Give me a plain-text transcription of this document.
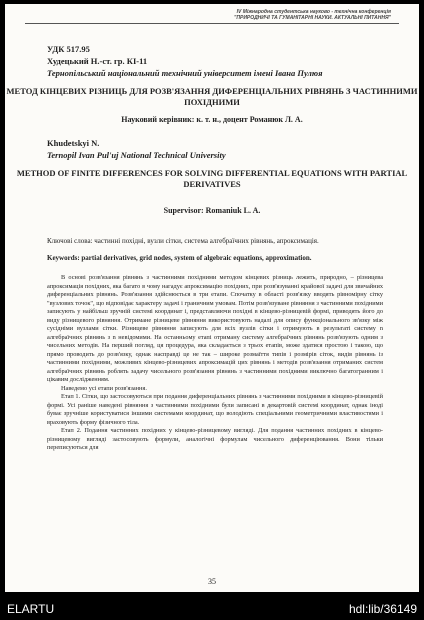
IV Міжнародна студентська науково - технічна конференція
"ПРИРОДНИЧІ ТА ГУМАНІТАРНІ НАУКИ. АКТУАЛЬНІ ПИТАННЯ"
УДК 517.95
Худецький Н.-ст. гр. КІ-11
Тернопільський національний технічний університет імені Івана Пулюя
МЕТОД КІНЦЕВИХ РІЗНИЦЬ ДЛЯ РОЗВ'ЯЗАННЯ ДИФЕРЕНЦІАЛЬНИХ РІВНЯНЬ З ЧАСТИННИМИ ПОХІДНИМИ
Науковий керівник: к. т. н., доцент Романюк Л. А.
Khudetskyi N.
Ternopil Ivan Pul'uj National Technical University
METHOD OF FINITE DIFFERENCES FOR SOLVING DIFFERENTIAL EQUATIONS WITH PARTIAL DERIVATIVES
Supervisor: Romaniuk L. A.
Ключові слова: частинні похідні, вузли сітки, система алгебраїчних рівнянь, апроксимація.
Keywords: partial derivatives, grid nodes, system of algebraic equations, approximation.

В основі розв'язання рівнянь з частинними похідними методом кінцевих різниць лежить, природно, – різницева апроксимація похідних, яка багато в чому нагадує апроксимацію похідних, при розв'язуванні крайової задачі для звичайних диференціальних рівнянь. Розв'язання здійснюється в три етапи. Спочатку в області розв'язку вводять рівномірну сітку "вузлових точок", що відповідає характеру задачі і граничним умовам. Потім розв'язуване рівняння з частинними похідними записують у найбільш зручній системі координат і, представляючи похідні в кінцево-різницевій формі, приводять його до виду різницевого рівняння. Отримане різницеве рівняння використовують надалі для опису функціонального зв'язку між сусідніми вузлами сітки. Різницеве рівняння записують для всіх вузлів сітки і отримують в результаті систему n алгебраїчних рівнянь з n невідомими. На останньому етапі отриману систему алгебраїчних рівнянь розв'язують одним з чисельних методів. На перший погляд, ця процедура, яка складається з трьох етапів, може здатися простою і такою, що прямо проводить до розв'язку, однак насправді це не так – широке розмаїття типів і розмірів сіток, видів рівнянь із частинними похідними, можливих кінцево-різницевих апроксимацій цих рівнянь і методів розв'язання отриманих систем алгебраїчних рівнянь роблять задачу чисельного розв'язання рівнянь з частинними похідними виключно багатогранним і цікавим дослідженням.

Наведемо усі етапи розв'язання.

Етап 1. Сітки, що застосовуються при подання диференціальних рівнянь з частинними похідними в кінцево-різницевій формі. Усі раніше наведені рівняння з частинними похідними були записані в декартовій системі координат, однак іноді буває зручніше користуватися іншими системами координат, що володіють спеціальними геометричними властивостями і враховують форму фізичного тіла.

Етап 2. Подання частинних похідних у кінцево-різницевому вигляді. Для подання частинних похідних в кінцево-різницевому вигляді застосовують формули, аналогічні формулам чисельного диференціювання. Вони тільки переписуються для

35
ELARTU	hdl:lib/36149
